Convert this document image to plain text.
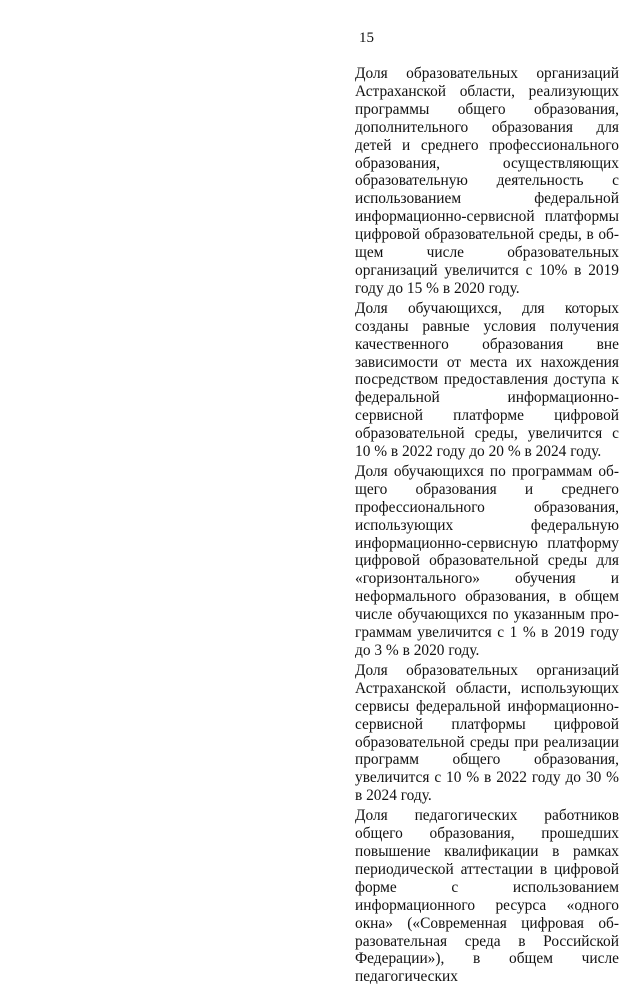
15

Доля образовательных организаций Астраханской области, реализующих программы общего образования, дополнительного образования для детей и среднего профессионального образования, осуществляющих образовательную деятельность с использованием федеральной информационно-сервисной платформы цифровой образовательной среды, в общем числе образовательных организаций увеличится с 10% в 2019 году до 15 % в 2020 году.

Доля обучающихся, для которых созданы равные условия получения качественного образования вне зависимости от места их нахождения посредством предоставления доступа к федеральной информационно-сервисной платформе цифровой образовательной среды, увеличится с 10 % в 2022 году до 20 % в 2024 году.

Доля обучающихся по программам общего образования и среднего профессионального образования, использующих федеральную информационно-сервисную платформу цифровой образовательной среды для «горизонтального» обучения и неформального образования, в общем числе обучающихся по указанным программам увеличится с 1 % в 2019 году до 3 % в 2020 году.

Доля образовательных организаций Астраханской области, использующих сервисы федеральной информационно-сервисной платформы цифровой образовательной среды при реализации программ общего образования, увеличится с 10 % в 2022 году до 30 % в 2024 году.

Доля педагогических работников общего образования, прошедших повышение квалификации в рамках периодической аттестации в цифровой форме с использованием информационного ресурса «одного окна» («Современная цифровая образовательная среда в Российской Федерации»), в общем числе педагогических
